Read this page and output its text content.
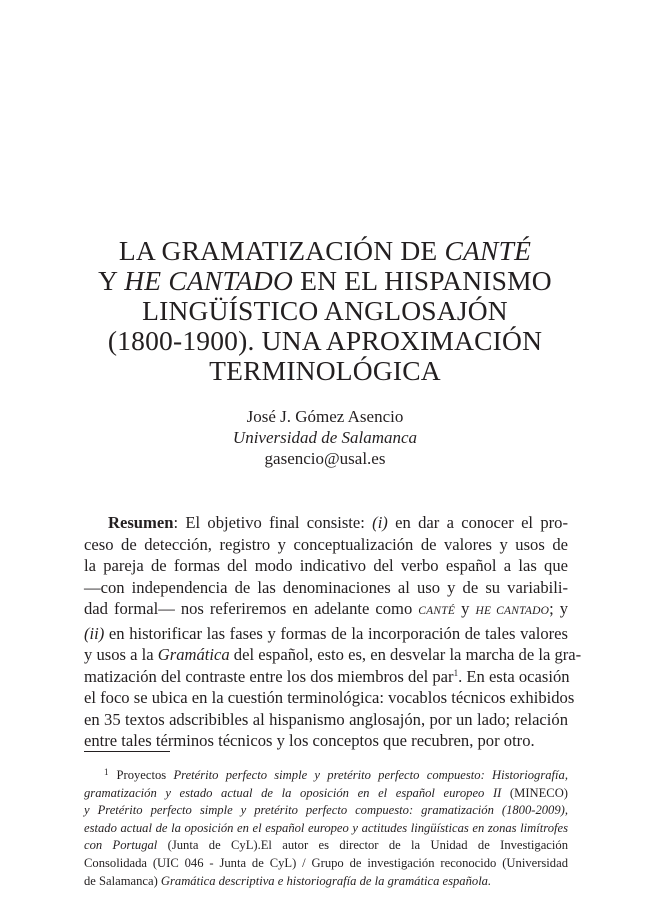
LA GRAMATIZACIÓN DE CANTÉ
Y HE CANTADO EN EL HISPANISMO
LINGÜÍSTICO ANGLOSAJÓN
(1800-1900). UNA APROXIMACIÓN
TERMINOLÓGICA
José J. Gómez Asencio
Universidad de Salamanca
gasencio@usal.es
Resumen: El objetivo final consiste: (i) en dar a conocer el pro-
ceso de detección, registro y conceptualización de valores y usos de
la pareja de formas del modo indicativo del verbo español a las que
—con independencia de las denominaciones al uso y de su variabili-
dad formal— nos referiremos en adelante como CANTÉ y HE CANTADO; y
(ii) en historificar las fases y formas de la incorporación de tales valores
y usos a la Gramática del español, esto es, en desvelar la marcha de la gra-
matización del contraste entre los dos miembros del par$^1$. En esta ocasión
el foco se ubica en la cuestión terminológica: vocablos técnicos exhibidos
en 35 textos adscribibles al hispanismo anglosajón, por un lado; relación
entre tales términos técnicos y los conceptos que recubren, por otro.
$^1$ Proyectos Pretérito perfecto simple y pretérito perfecto compuesto: Historiografía,
gramatización y estado actual de la oposición en el español europeo II (MINECO)
y Pretérito perfecto simple y pretérito perfecto compuesto: gramatización (1800-2009),
estado actual de la oposición en el español europeo y actitudes lingüísticas en zonas limítrofes
con Portugal (Junta de CyL).El autor es director de la Unidad de Investigación
Consolidada (UIC 046 - Junta de CyL) / Grupo de investigación reconocido (Universidad
de Salamanca) Gramática descriptiva e historiografía de la gramática española.
